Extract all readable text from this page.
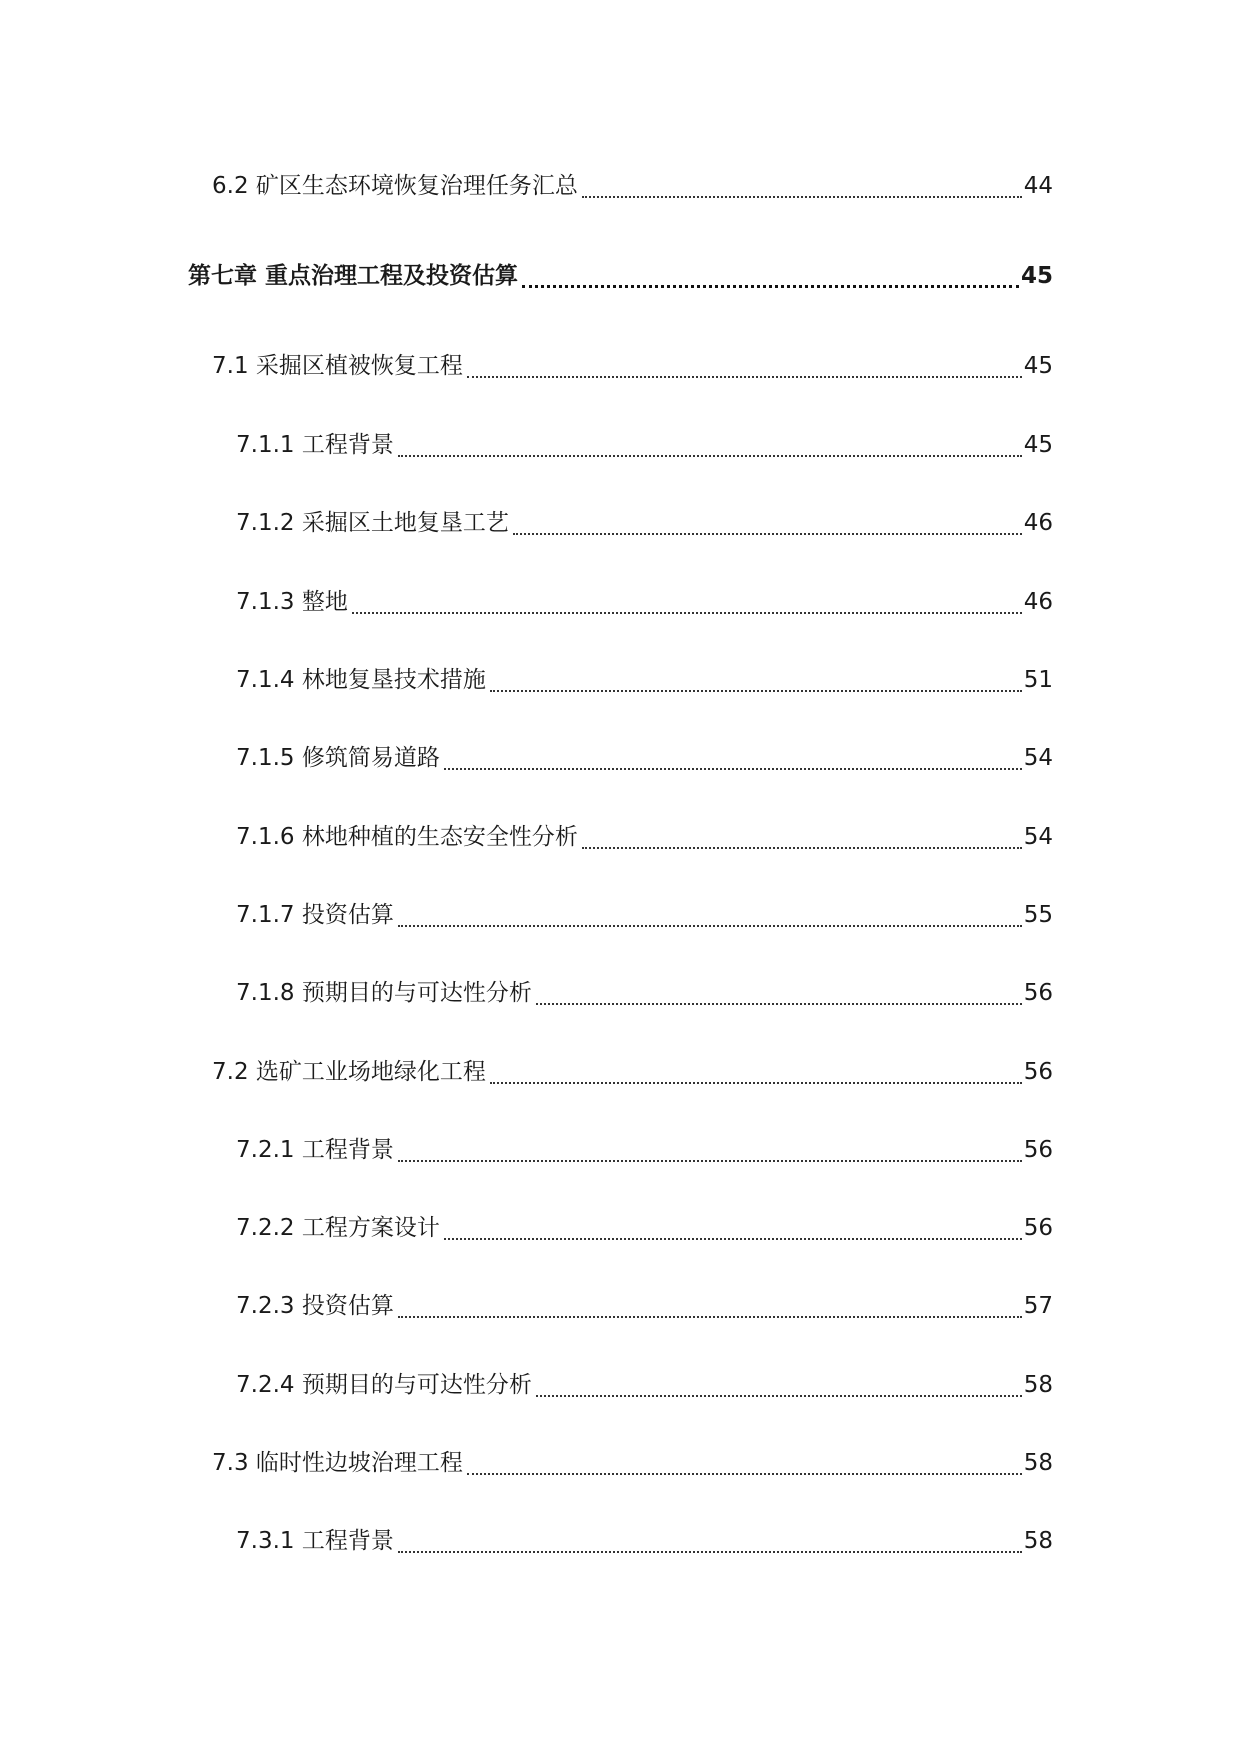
6.2 矿区生态环境恢复治理任务汇总	44
第七章 重点治理工程及投资估算	45
7.1 采掘区植被恢复工程	45
7.1.1 工程背景	45
7.1.2 采掘区土地复垦工艺	46
7.1.3 整地	46
7.1.4 林地复垦技术措施	51
7.1.5 修筑简易道路	54
7.1.6 林地种植的生态安全性分析	54
7.1.7 投资估算	55
7.1.8 预期目的与可达性分析	56
7.2 选矿工业场地绿化工程	56
7.2.1 工程背景	56
7.2.2 工程方案设计	56
7.2.3 投资估算	57
7.2.4 预期目的与可达性分析	58
7.3 临时性边坡治理工程	58
7.3.1 工程背景	58
